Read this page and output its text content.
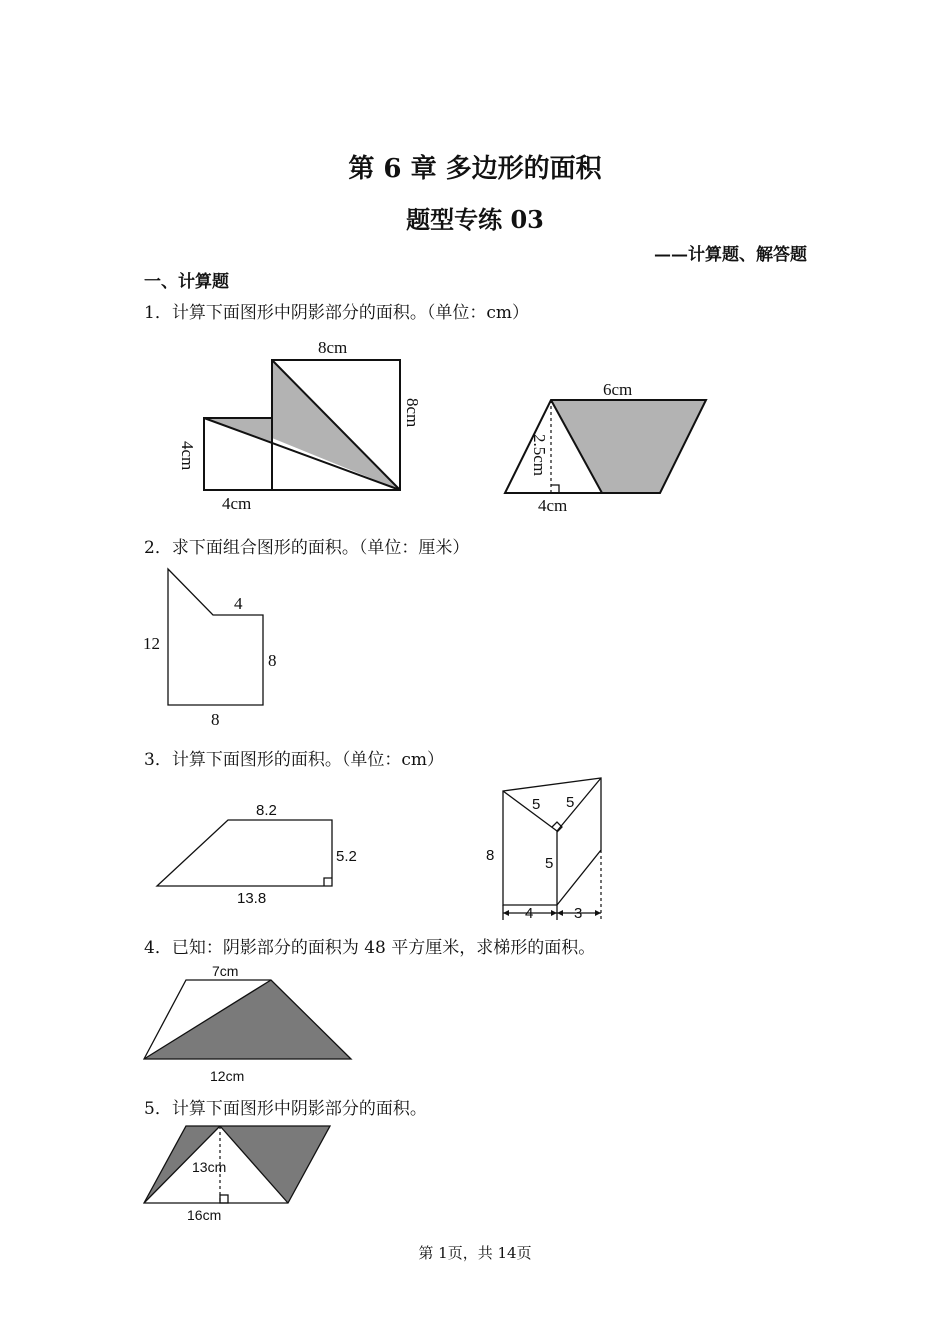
第 6 章 多边形的面积
题型专练 03
——计算题、解答题
一、计算题
1．计算下面图形中阴影部分的面积。（单位：cm）
8cm
8cm
4cm
4cm
6cm
2.5cm
4cm
2．求下面组合图形的面积。（单位：厘米）
12
4
8
8
3．计算下面图形的面积。（单位：cm）
8.2
5.2
13.8
8
5 5
5
4	3
4．已知：阴影部分的面积为 48 平方厘米，求梯形的面积。
7cm
12cm
5．计算下面图形中阴影部分的面积。
13cm
16cm
第 1页，共 14页
